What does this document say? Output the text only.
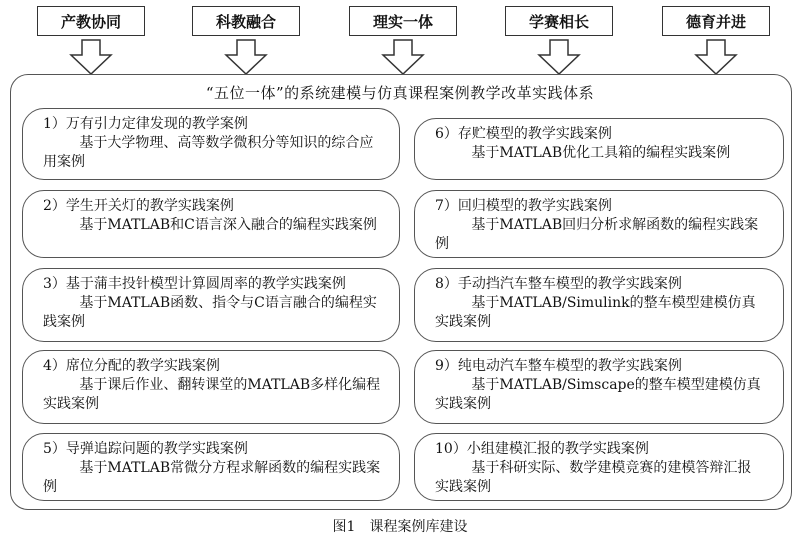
产教协同	科教融合	理实一体	学赛相长	德育并进
“五位一体”的系统建模与仿真课程案例教学改革实践体系
1）万有引力定律发现的教学案例
基于大学物理、高等数学微积分等知识的综合应用案例
2）学生开关灯的教学实践案例
基于MATLAB和C语言深入融合的编程实践案例
3）基于蒲丰投针模型计算圆周率的教学实践案例
基于MATLAB函数、指令与C语言融合的编程实践案例
4）席位分配的教学实践案例
基于课后作业、翻转课堂的MATLAB多样化编程实践案例
5）导弹追踪问题的教学实践案例
基于MATLAB常微分方程求解函数的编程实践案例
6）存贮模型的教学实践案例
基于MATLAB优化工具箱的编程实践案例
7）回归模型的教学实践案例
基于MATLAB回归分析求解函数的编程实践案例
8）手动挡汽车整车模型的教学实践案例
基于MATLAB/Simulink的整车模型建模仿真实践案例
9）纯电动汽车整车模型的教学实践案例
基于MATLAB/Simscape的整车模型建模仿真实践案例
10）小组建模汇报的教学实践案例
基于科研实际、数学建模竞赛的建模答辩汇报实践案例
图1　课程案例库建设
